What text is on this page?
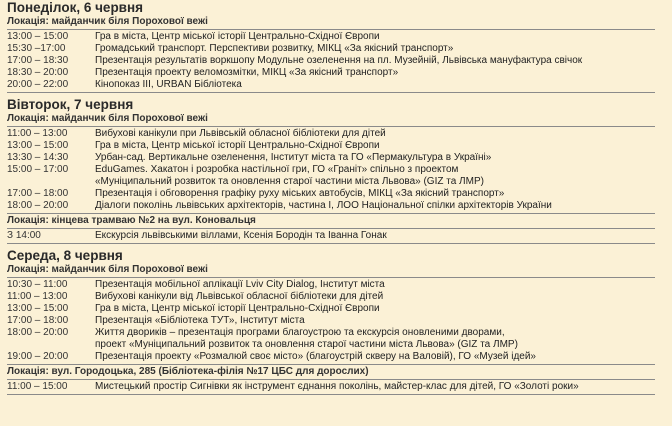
Понеділок, 6 червня
Локація: майданчик біля Порохової вежі
13:00 – 15:00	Гра в міста, Центр міської історії Центрально-Східної Європи
15:30 –17:00	Громадський транспорт. Перспективи розвитку, МІКЦ «За якісний транспорт»
17:00 – 18:30	Презентація результатів воркшопу Модульне озеленення на пл. Музейній, Львівська мануфактура свічок
18:30 – 20:00	Презентація проекту веломозмітки, МІКЦ «За якісний транспорт»
20:00 – 22:00	Кінопоказ ІІІ, URBAN Бібліотека
Вівторок, 7 червня
Локація: майданчик біля Порохової вежі
11:00 – 13:00	Вибухові канікули при Львівській обласної бібліотеки для дітей
13:00 – 15:00	Гра в міста, Центр міської історії Центрально-Східної Європи
13:30 – 14:30	Урбан-сад. Вертикальне озеленення, Інститут міста та ГО «Пермакультура в Україні»
15:00 – 17:00	EduGames. Хакатон і розробка настільної гри, ГО «Граніт» спільно з проектом
«Муніципальний розвиток та оновлення старої частини міста Львова» (GIZ та ЛМР)
17:00 – 18:00	Презентація і обговорення графіку руху міських автобусів, МІКЦ «За якісний транспорт»
18:00 – 20:00	Діалоги поколінь львівських архітекторів, частина І, ЛОО Національної спілки архітекторів України
Локація: кінцева трамваю №2 на вул. Коновальця
З 14:00	Екскурсія львівськими віллами, Ксенія Бородін та Іванна Гонак
Середа, 8 червня
Локація: майданчик біля Порохової вежі
10:30 – 11:00	Презентація мобільної аплікації Lviv City Dialog, Інститут міста
11:00 – 13:00	Вибухові канікули від Львівської обласної бібліотеки для дітей
13:00 – 15:00	Гра в міста, Центр міської історії Центрально-Східної Європи
17:00 – 18:00	Презентація «Бібліотека ТУТ», Інститут міста
18:00 – 20:00	Життя двориків – презентація програми благоустрою та екскурсія оновленими дворами,
проект «Муніципальний розвиток та оновлення старої частини міста Львова» (GIZ та ЛМР)
19:00 – 20:00	Презентація проекту «Розмалюй своє місто» (благоустрій скверу на Валовій), ГО «Музей ідей»
Локація: вул. Городоцька, 285 (Бібліотека-філія №17 ЦБС для дорослих)
11:00 – 15:00	Мистецький простір Сигнівки як інструмент єднання поколінь, майстер-клас для дітей, ГО «Золоті роки»
